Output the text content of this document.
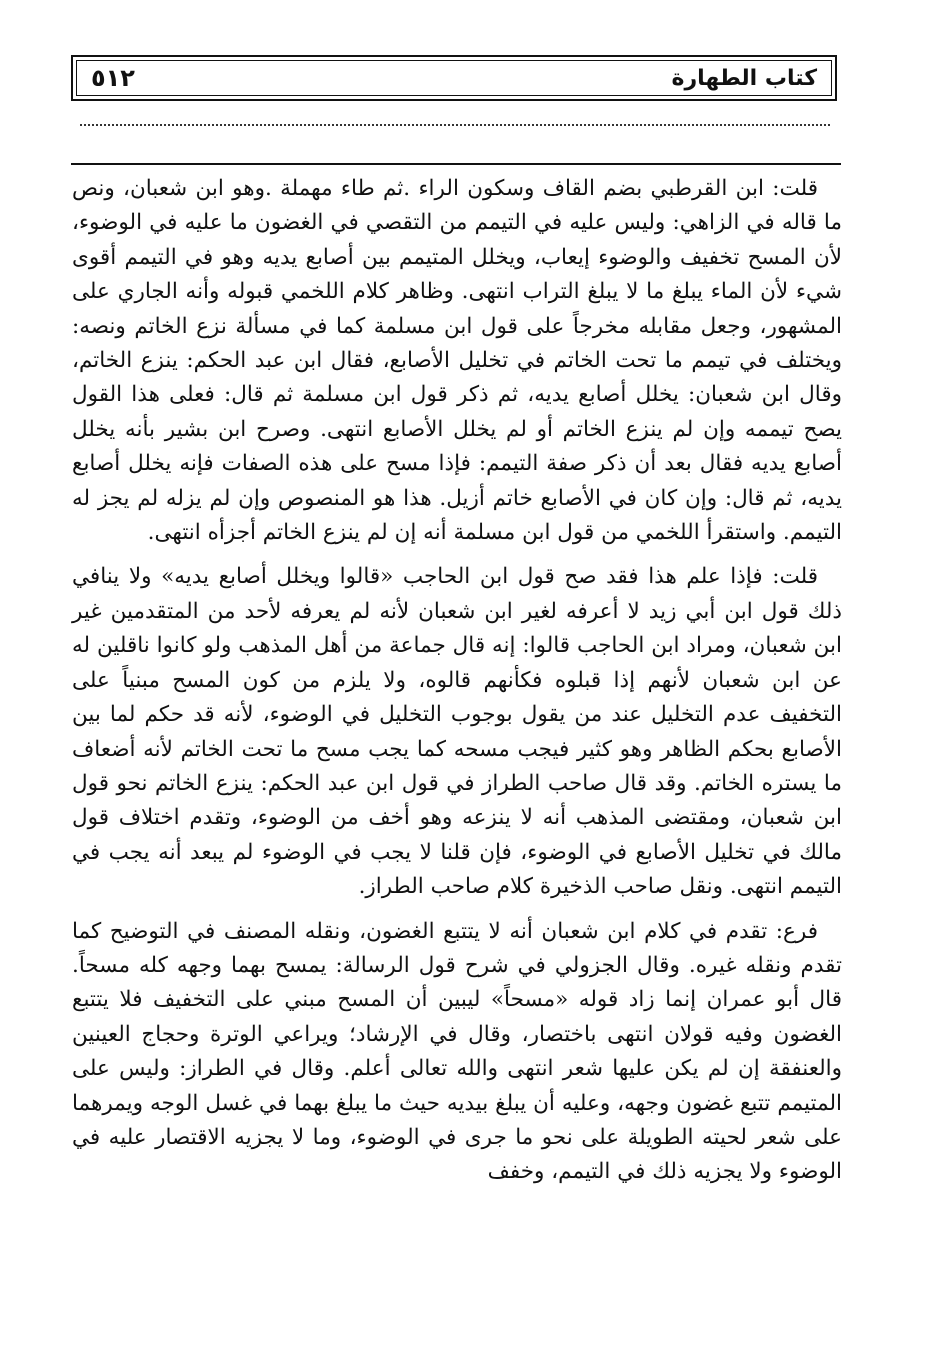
٥١٢	كتاب الطهارة

قلت: ابن القرطبي بضم القاف وسكون الراء .ثم طاء مهملة .وهو ابن شعبان، ونص ما قاله في الزاهي: وليس عليه في التيمم من التقصي في الغضون ما عليه في الوضوء، لأن المسح تخفيف والوضوء إيعاب، ويخلل المتيمم بين أصابع يديه وهو في التيمم أقوى شيء لأن الماء يبلغ ما لا يبلغ التراب انتهى. وظاهر كلام اللخمي قبوله وأنه الجاري على المشهور، وجعل مقابله مخرجاً على قول ابن مسلمة كما في مسألة نزع الخاتم ونصه: ويختلف في تيمم ما تحت الخاتم في تخليل الأصابع، فقال ابن عبد الحكم: ينزع الخاتم، وقال ابن شعبان: يخلل أصابع يديه، ثم ذكر قول ابن مسلمة ثم قال: فعلى هذا القول يصح تيممه وإن لم ينزع الخاتم أو لم يخلل الأصابع انتهى. وصرح ابن بشير بأنه يخلل أصابع يديه فقال بعد أن ذكر صفة التيمم: فإذا مسح على هذه الصفات فإنه يخلل أصابع يديه، ثم قال: وإن كان في الأصابع خاتم أزيل. هذا هو المنصوص وإن لم يزله لم يجز له التيمم. واستقرأ اللخمي من قول ابن مسلمة أنه إن لم ينزع الخاتم أجزأه انتهى.

قلت: فإذا علم هذا فقد صح قول ابن الحاجب «قالوا ويخلل أصابع يديه» ولا ينافي ذلك قول ابن أبي زيد لا أعرفه لغير ابن شعبان لأنه لم يعرفه لأحد من المتقدمين غير ابن شعبان، ومراد ابن الحاجب قالوا: إنه قال جماعة من أهل المذهب ولو كانوا ناقلين له عن ابن شعبان لأنهم إذا قبلوه فكأنهم قالوه، ولا يلزم من كون المسح مبنياً على التخفيف عدم التخليل عند من يقول بوجوب التخليل في الوضوء، لأنه قد حكم لما بين الأصابع بحكم الظاهر وهو كثير فيجب مسحه كما يجب مسح ما تحت الخاتم لأنه أضعاف ما يستره الخاتم. وقد قال صاحب الطراز في قول ابن عبد الحكم: ينزع الخاتم نحو قول ابن شعبان، ومقتضى المذهب أنه لا ينزعه وهو أخف من الوضوء، وتقدم اختلاف قول مالك في تخليل الأصابع في الوضوء، فإن قلنا لا يجب في الوضوء لم يبعد أنه يجب في التيمم انتهى. ونقل صاحب الذخيرة كلام صاحب الطراز.

فرع: تقدم في كلام ابن شعبان أنه لا يتتبع الغضون، ونقله المصنف في التوضيح كما تقدم ونقله غيره. وقال الجزولي في شرح قول الرسالة: يمسح بهما وجهه كله مسحاً. قال أبو عمران إنما زاد قوله «مسحاً» ليبين أن المسح مبني على التخفيف فلا يتتبع الغضون وفيه قولان انتهى باختصار، وقال في الإرشاد؛ ويراعي الوترة وحجاج العينين والعنفقة إن لم يكن عليها شعر انتهى والله تعالى أعلم. وقال في الطراز: وليس على المتيمم تتبع غضون وجهه، وعليه أن يبلغ بيديه حيث ما يبلغ بهما في غسل الوجه ويمرهما على شعر لحيته الطويلة على نحو ما جرى في الوضوء، وما لا يجزيه الاقتصار عليه في الوضوء ولا يجزيه ذلك في التيمم، وخفف
